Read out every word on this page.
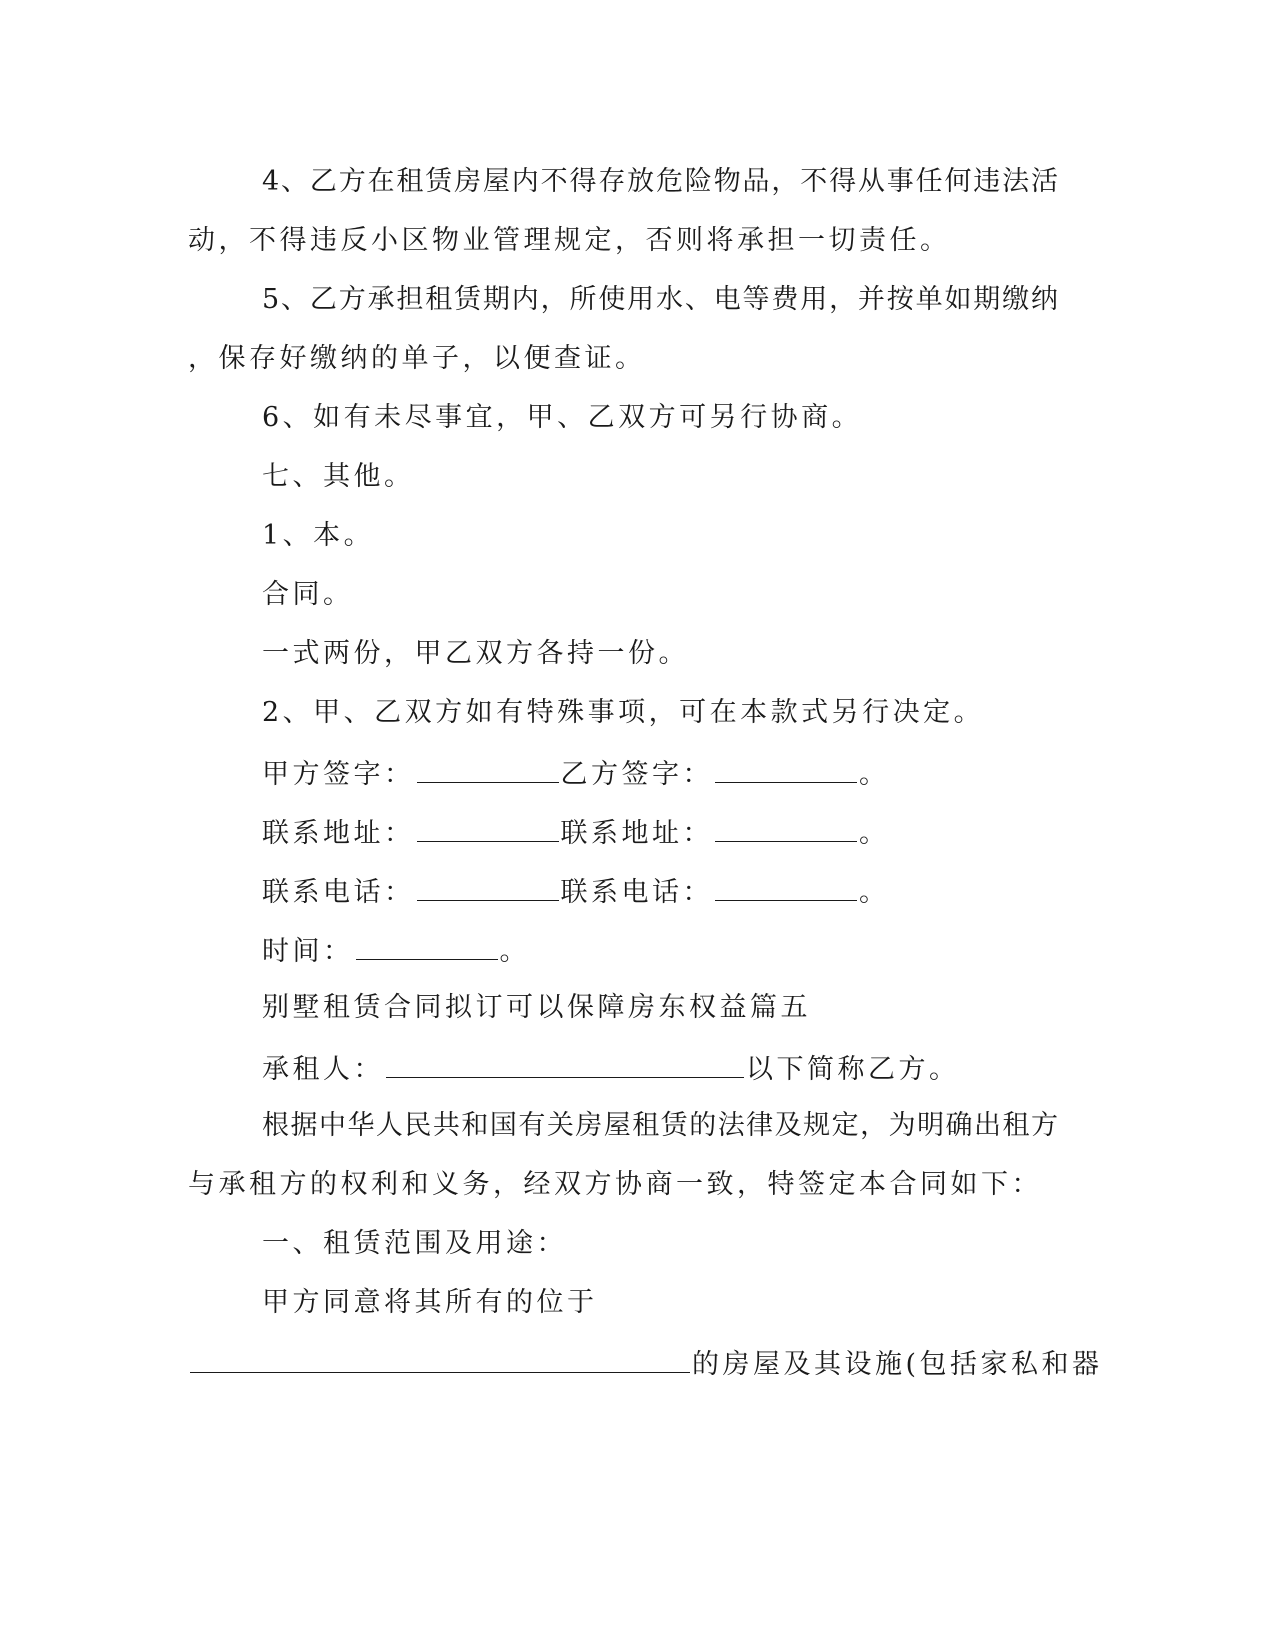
4、乙方在租赁房屋内不得存放危险物品，不得从事任何违法活
动，不得违反小区物业管理规定，否则将承担一切责任。
5、乙方承担租赁期内，所使用水、电等费用，并按单如期缴纳
，保存好缴纳的单子，以便查证。
6、如有未尽事宜，甲、乙双方可另行协商。
七、其他。
1、本。
合同。
一式两份，甲乙双方各持一份。
2、甲、乙双方如有特殊事项，可在本款式另行决定。
甲方签字：	乙方签字：	。
联系地址：	联系地址：	。
联系电话：	联系电话：	。
时间：	。
别墅租赁合同拟订可以保障房东权益篇五
承租人：	以下简称乙方。
根据中华人民共和国有关房屋租赁的法律及规定，为明确出租方
与承租方的权利和义务，经双方协商一致，特签定本合同如下：
一、租赁范围及用途：
甲方同意将其所有的位于
的房屋及其设施(包括家私和器
